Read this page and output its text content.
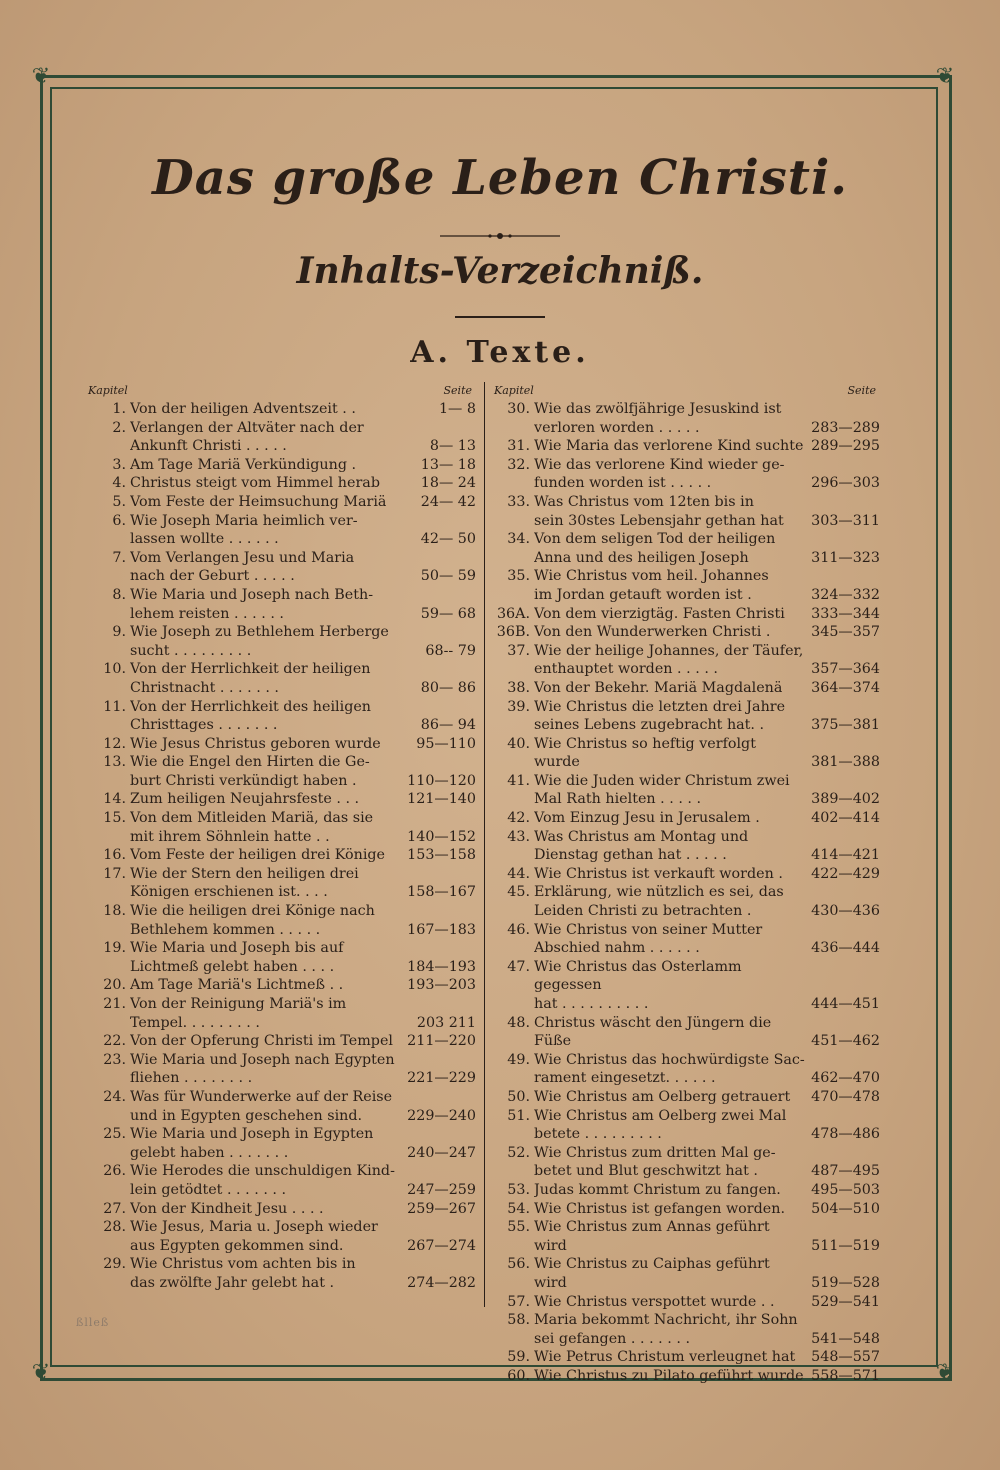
❦	❦
❦	❦
Das große Leben Christi.
Inhalts-Verzeichniß.
A. Texte.
Kapitel	Seite
1. Von der heiligen Adventszeit . .	1— 8
2. Verlangen der Altväter nach der
Ankunft Christi . . . . .	8— 13
3. Am Tage Mariä Verkündigung .	13— 18
4. Christus steigt vom Himmel herab	18— 24
5. Vom Feste der Heimsuchung Mariä	24— 42
6. Wie Joseph Maria heimlich ver-
lassen wollte . . . . . .	42— 50
7. Vom Verlangen Jesu und Maria
nach der Geburt . . . . .	50— 59
8. Wie Maria und Joseph nach Beth-
lehem reisten . . . . . .	59— 68
9. Wie Joseph zu Bethlehem Herberge
sucht . . . . . . . . .	68-- 79
10. Von der Herrlichkeit der heiligen
Christnacht . . . . . . .	80— 86
11. Von der Herrlichkeit des heiligen
Christtages . . . . . . .	86— 94
12. Wie Jesus Christus geboren wurde	95—110
13. Wie die Engel den Hirten die Ge-
burt Christi verkündigt haben .	110—120
14. Zum heiligen Neujahrsfeste . . .	121—140
15. Von dem Mitleiden Mariä, das sie
mit ihrem Söhnlein hatte . .	140—152
16. Vom Feste der heiligen drei Könige	153—158
17. Wie der Stern den heiligen drei
Königen erschienen ist. . . .	158—167
18. Wie die heiligen drei Könige nach
Bethlehem kommen . . . . .	167—183
19. Wie Maria und Joseph bis auf
Lichtmeß gelebt haben . . . .	184—193
20. Am Tage Mariä's Lichtmeß . .	193—203
21. Von der Reinigung Mariä's im
Tempel. . . . . . . . .	203 211
22. Von der Opferung Christi im Tempel 211—220
23. Wie Maria und Joseph nach Egypten
fliehen . . . . . . . .	221—229
24. Was für Wunderwerke auf der Reise
und in Egypten geschehen sind.	229—240
25. Wie Maria und Joseph in Egypten
gelebt haben . . . . . . .	240—247
26. Wie Herodes die unschuldigen Kind-
lein getödtet . . . . . . .	247—259
27. Von der Kindheit Jesu . . . .	259—267
28. Wie Jesus, Maria u. Joseph wieder
aus Egypten gekommen sind.	267—274
29. Wie Christus vom achten bis in
das zwölfte Jahr gelebt hat .	274—282
Kapitel	Seite
30. Wie das zwölfjährige Jesuskind ist
verloren worden . . . . .	283—289
31. Wie Maria das verlorene Kind suchte 289—295
32. Wie das verlorene Kind wieder ge-
funden worden ist . . . . .	296—303
33. Was Christus vom 12ten bis in
sein 30stes Lebensjahr gethan hat	303—311
34. Von dem seligen Tod der heiligen
Anna und des heiligen Joseph	311—323
35. Wie Christus vom heil. Johannes
im Jordan getauft worden ist .	324—332
36A. Von dem vierzigtäg. Fasten Christi	333—344
36B. Von den Wunderwerken Christi .	345—357
37. Wie der heilige Johannes, der Täufer,
enthauptet worden . . . . .	357—364
38. Von der Bekehr. Mariä Magdalenä	364—374
39. Wie Christus die letzten drei Jahre
seines Lebens zugebracht hat. .	375—381
40. Wie Christus so heftig verfolgt wurde	381—388
41. Wie die Juden wider Christum zwei
Mal Rath hielten . . . . .	389—402
42. Vom Einzug Jesu in Jerusalem .	402—414
43. Was Christus am Montag und
Dienstag gethan hat . . . . .	414—421
44. Wie Christus ist verkauft worden .	422—429
45. Erklärung, wie nützlich es sei, das
Leiden Christi zu betrachten .	430—436
46. Wie Christus von seiner Mutter
Abschied nahm . . . . . .	436—444
47. Wie Christus das Osterlamm gegessen
hat . . . . . . . . . .	444—451
48. Christus wäscht den Jüngern die Füße	451—462
49. Wie Christus das hochwürdigste Sac-
rament eingesetzt. . . . . .	462—470
50. Wie Christus am Oelberg getrauert	470—478
51. Wie Christus am Oelberg zwei Mal
betete . . . . . . . . .	478—486
52. Wie Christus zum dritten Mal ge-
betet und Blut geschwitzt hat .	487—495
53. Judas kommt Christum zu fangen.	495—503
54. Wie Christus ist gefangen worden.	504—510
55. Wie Christus zum Annas geführt wird	511—519
56. Wie Christus zu Caiphas geführt wird	519—528
57. Wie Christus verspottet wurde . .	529—541
58. Maria bekommt Nachricht, ihr Sohn
sei gefangen . . . . . . .	541—548
59. Wie Petrus Christum verleugnet hat	548—557
60. Wie Christus zu Pilato geführt wurde 558—571
ßlleß
